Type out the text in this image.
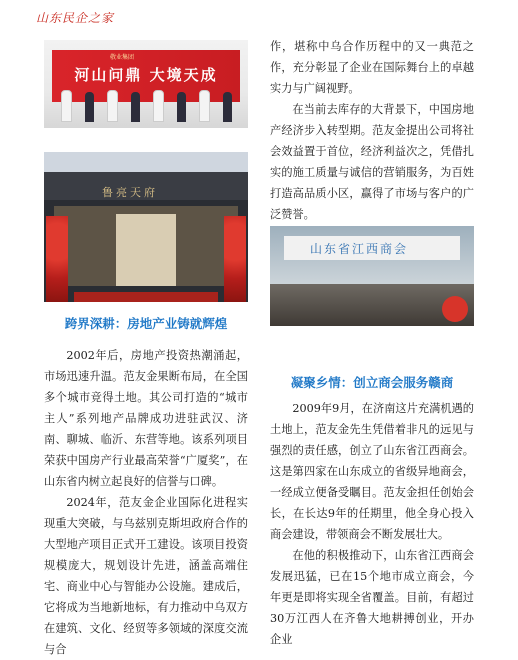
山东民企之家
敬业集团
河山问鼎 大境天成
鲁亮天府
跨界深耕：房地产业铸就辉煌

2002年后，房地产投资热潮涌起，市场迅速升温。范友金果断布局，在全国多个城市竞得土地。其公司打造的“城市主人”系列地产品牌成功进驻武汉、济南、聊城、临沂、东营等地。该系列项目荣获中国房产行业最高荣誉“广厦奖”，在山东省内树立起良好的信誉与口碑。

2024年，范友金企业国际化进程实现重大突破，与乌兹别克斯坦政府合作的大型地产项目正式开工建设。该项目投资规模庞大，规划设计先进，涵盖高端住宅、商业中心与智能办公设施。建成后，它将成为当地新地标，有力推动中乌双方在建筑、文化、经贸等多领域的深度交流与合

作，堪称中乌合作历程中的又一典范之作，充分彰显了企业在国际舞台上的卓越实力与广阔视野。

在当前去库存的大背景下，中国房地产经济步入转型期。范友金提出公司将社会效益置于首位，经济利益次之，凭借扎实的施工质量与诚信的营销服务，为百姓打造高品质小区，赢得了市场与客户的广泛赞誉。

山东省江西商会
凝聚乡情：创立商会服务赣商

2009年9月，在济南这片充满机遇的土地上，范友金先生凭借着非凡的远见与强烈的责任感，创立了山东省江西商会。这是第四家在山东成立的省级异地商会，一经成立便备受瞩目。范友金担任创始会长，在长达9年的任期里，他全身心投入商会建设，带领商会不断发展壮大。

在他的积极推动下，山东省江西商会发展迅猛，已在15个地市成立商会，今年更是即将实现全省覆盖。目前，有超过30万江西人在齐鲁大地耕搏创业，开办企业
